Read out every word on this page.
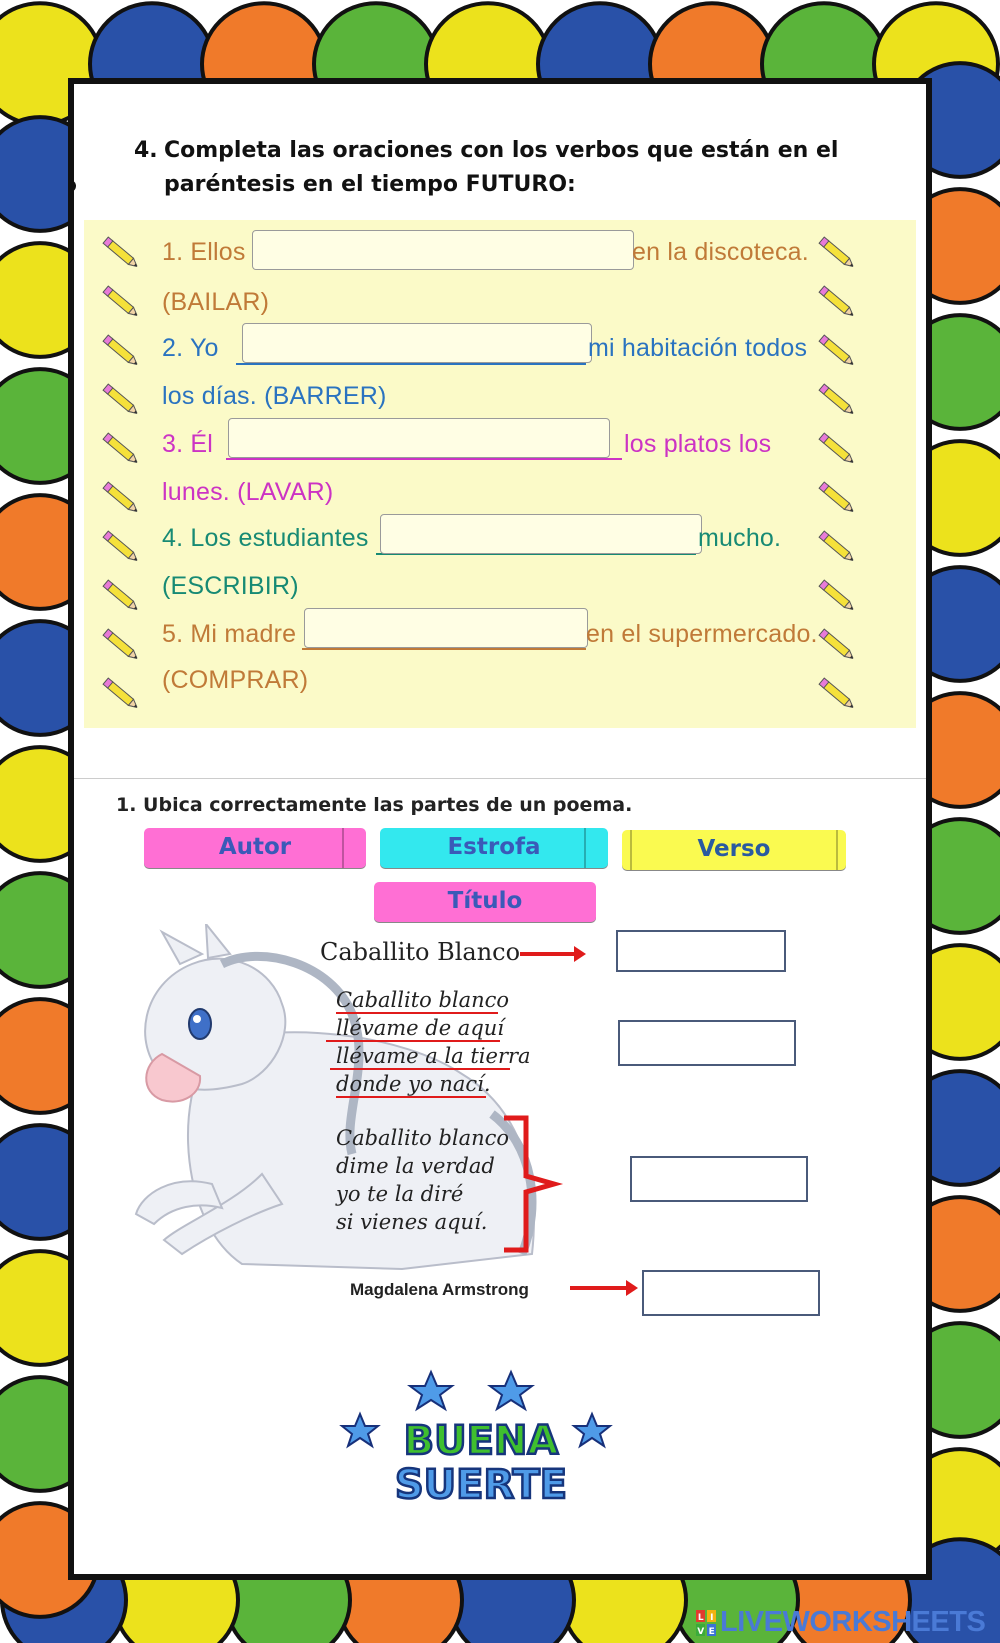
4. Completa las oraciones con los verbos que están en el
paréntesis en el tiempo FUTURO:
1. Ellos	en la discoteca.
(BAILAR)
2. Yo	mi habitación todos
los días. (BARRER)
3. Él	los platos los
lunes. (LAVAR)
4. Los estudiantes	mucho.
(ESCRIBIR)
5. Mi madre	en el supermercado.
(COMPRAR)
1. Ubica correctamente las partes de un poema.
Autor	Estrofa	Verso
Título
Caballito Blanco
Caballito blanco
llévame de aquí
llévame a la tierra
donde yo nací.
Caballito blanco
dime la verdad
yo te la diré
si vienes aquí.
Magdalena Armstrong
BUENA
SUERTE
L I
V E LIVEWORKSHEETS
